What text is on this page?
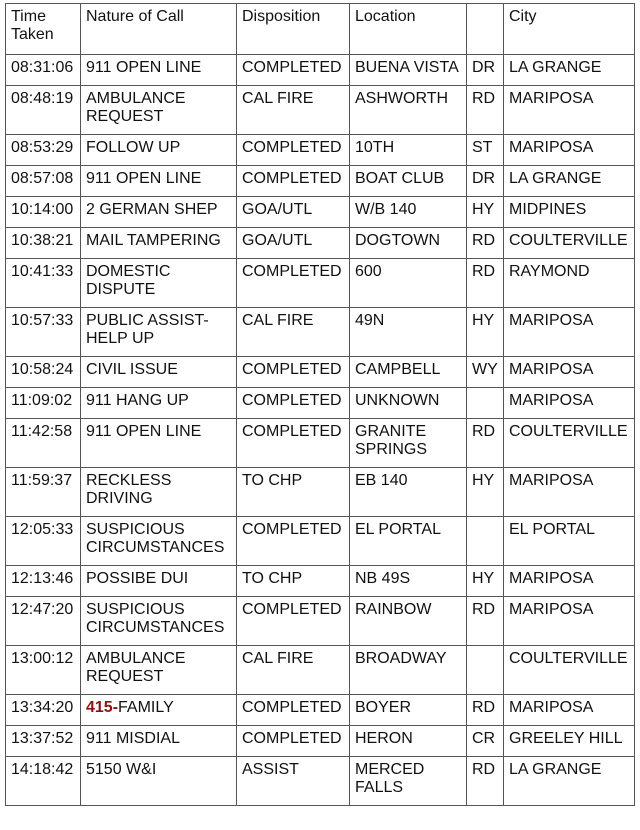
Time Taken	Nature of Call	Disposition	Location		City
08:31:06	911 OPEN LINE	COMPLETED	BUENA VISTA	DR	LA GRANGE
08:48:19	AMBULANCE REQUEST	CAL FIRE	ASHWORTH	RD	MARIPOSA
08:53:29	FOLLOW UP	COMPLETED	10TH	ST	MARIPOSA
08:57:08	911 OPEN LINE	COMPLETED	BOAT CLUB	DR	LA GRANGE
10:14:00	2 GERMAN SHEP	GOA/UTL	W/B 140	HY	MIDPINES
10:38:21	MAIL TAMPERING	GOA/UTL	DOGTOWN	RD	COULTERVILLE
10:41:33	DOMESTIC DISPUTE	COMPLETED	600	RD	RAYMOND
10:57:33	PUBLIC ASSIST-HELP UP	CAL FIRE	49N	HY	MARIPOSA
10:58:24	CIVIL ISSUE	COMPLETED	CAMPBELL	WY	MARIPOSA
11:09:02	911 HANG UP	COMPLETED	UNKNOWN		MARIPOSA
11:42:58	911 OPEN LINE	COMPLETED	GRANITE SPRINGS	RD	COULTERVILLE
11:59:37	RECKLESS DRIVING	TO CHP	EB 140	HY	MARIPOSA
12:05:33	SUSPICIOUS CIRCUMSTANCES	COMPLETED	EL PORTAL		EL PORTAL
12:13:46	POSSIBE DUI	TO CHP	NB 49S	HY	MARIPOSA
12:47:20	SUSPICIOUS CIRCUMSTANCES	COMPLETED	RAINBOW	RD	MARIPOSA
13:00:12	AMBULANCE REQUEST	CAL FIRE	BROADWAY		COULTERVILLE
13:34:20	415-FAMILY	COMPLETED	BOYER	RD	MARIPOSA
13:37:52	911 MISDIAL	COMPLETED	HERON	CR	GREELEY HILL
14:18:42	5150 W&I	ASSIST	MERCED FALLS	RD	LA GRANGE
